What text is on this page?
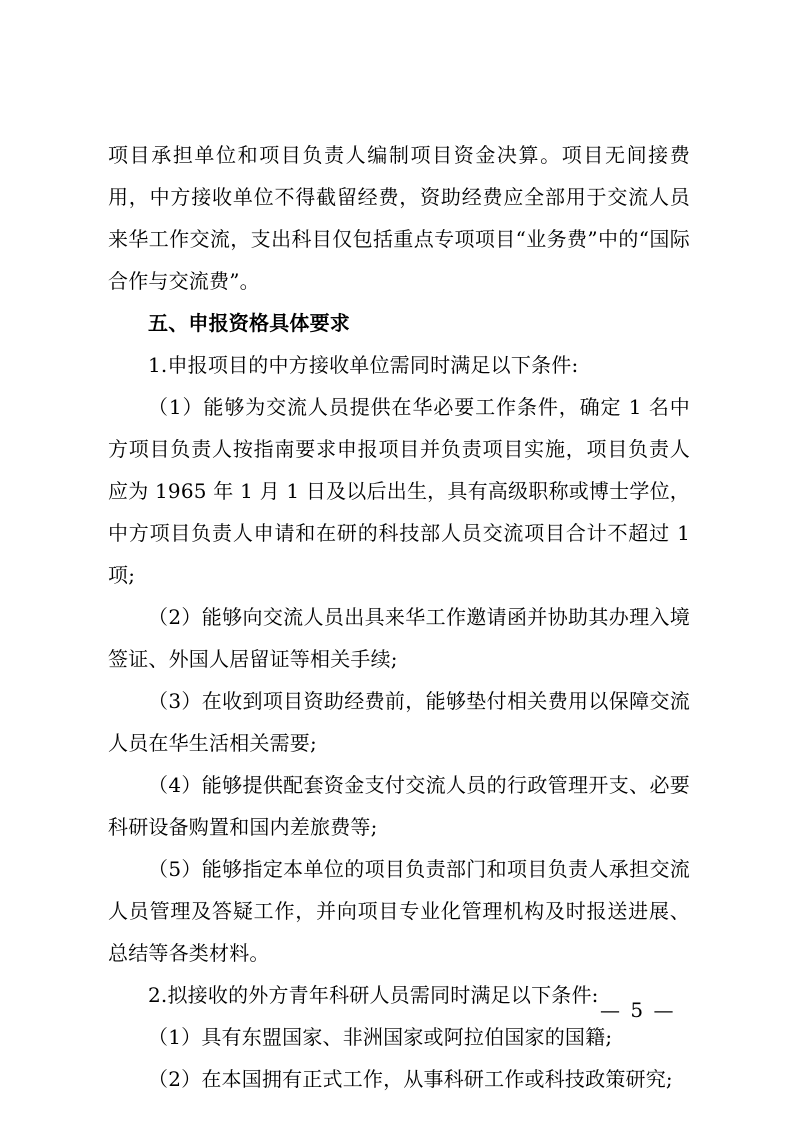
项目承担单位和项目负责人编制项目资金决算。项目无间接费用，中方接收单位不得截留经费，资助经费应全部用于交流人员来华工作交流，支出科目仅包括重点专项项目“业务费”中的“国际合作与交流费”。

五、申报资格具体要求

1.申报项目的中方接收单位需同时满足以下条件:

（1）能够为交流人员提供在华必要工作条件，确定 1 名中方项目负责人按指南要求申报项目并负责项目实施，项目负责人应为 1965 年 1 月 1 日及以后出生，具有高级职称或博士学位，中方项目负责人申请和在研的科技部人员交流项目合计不超过 1 项;

（2）能够向交流人员出具来华工作邀请函并协助其办理入境签证、外国人居留证等相关手续;

（3）在收到项目资助经费前，能够垫付相关费用以保障交流人员在华生活相关需要;

（4）能够提供配套资金支付交流人员的行政管理开支、必要科研设备购置和国内差旅费等;

（5）能够指定本单位的项目负责部门和项目负责人承担交流人员管理及答疑工作，并向项目专业化管理机构及时报送进展、总结等各类材料。

2.拟接收的外方青年科研人员需同时满足以下条件:

（1）具有东盟国家、非洲国家或阿拉伯国家的国籍;

（2）在本国拥有正式工作，从事科研工作或科技政策研究;

— 5 —
